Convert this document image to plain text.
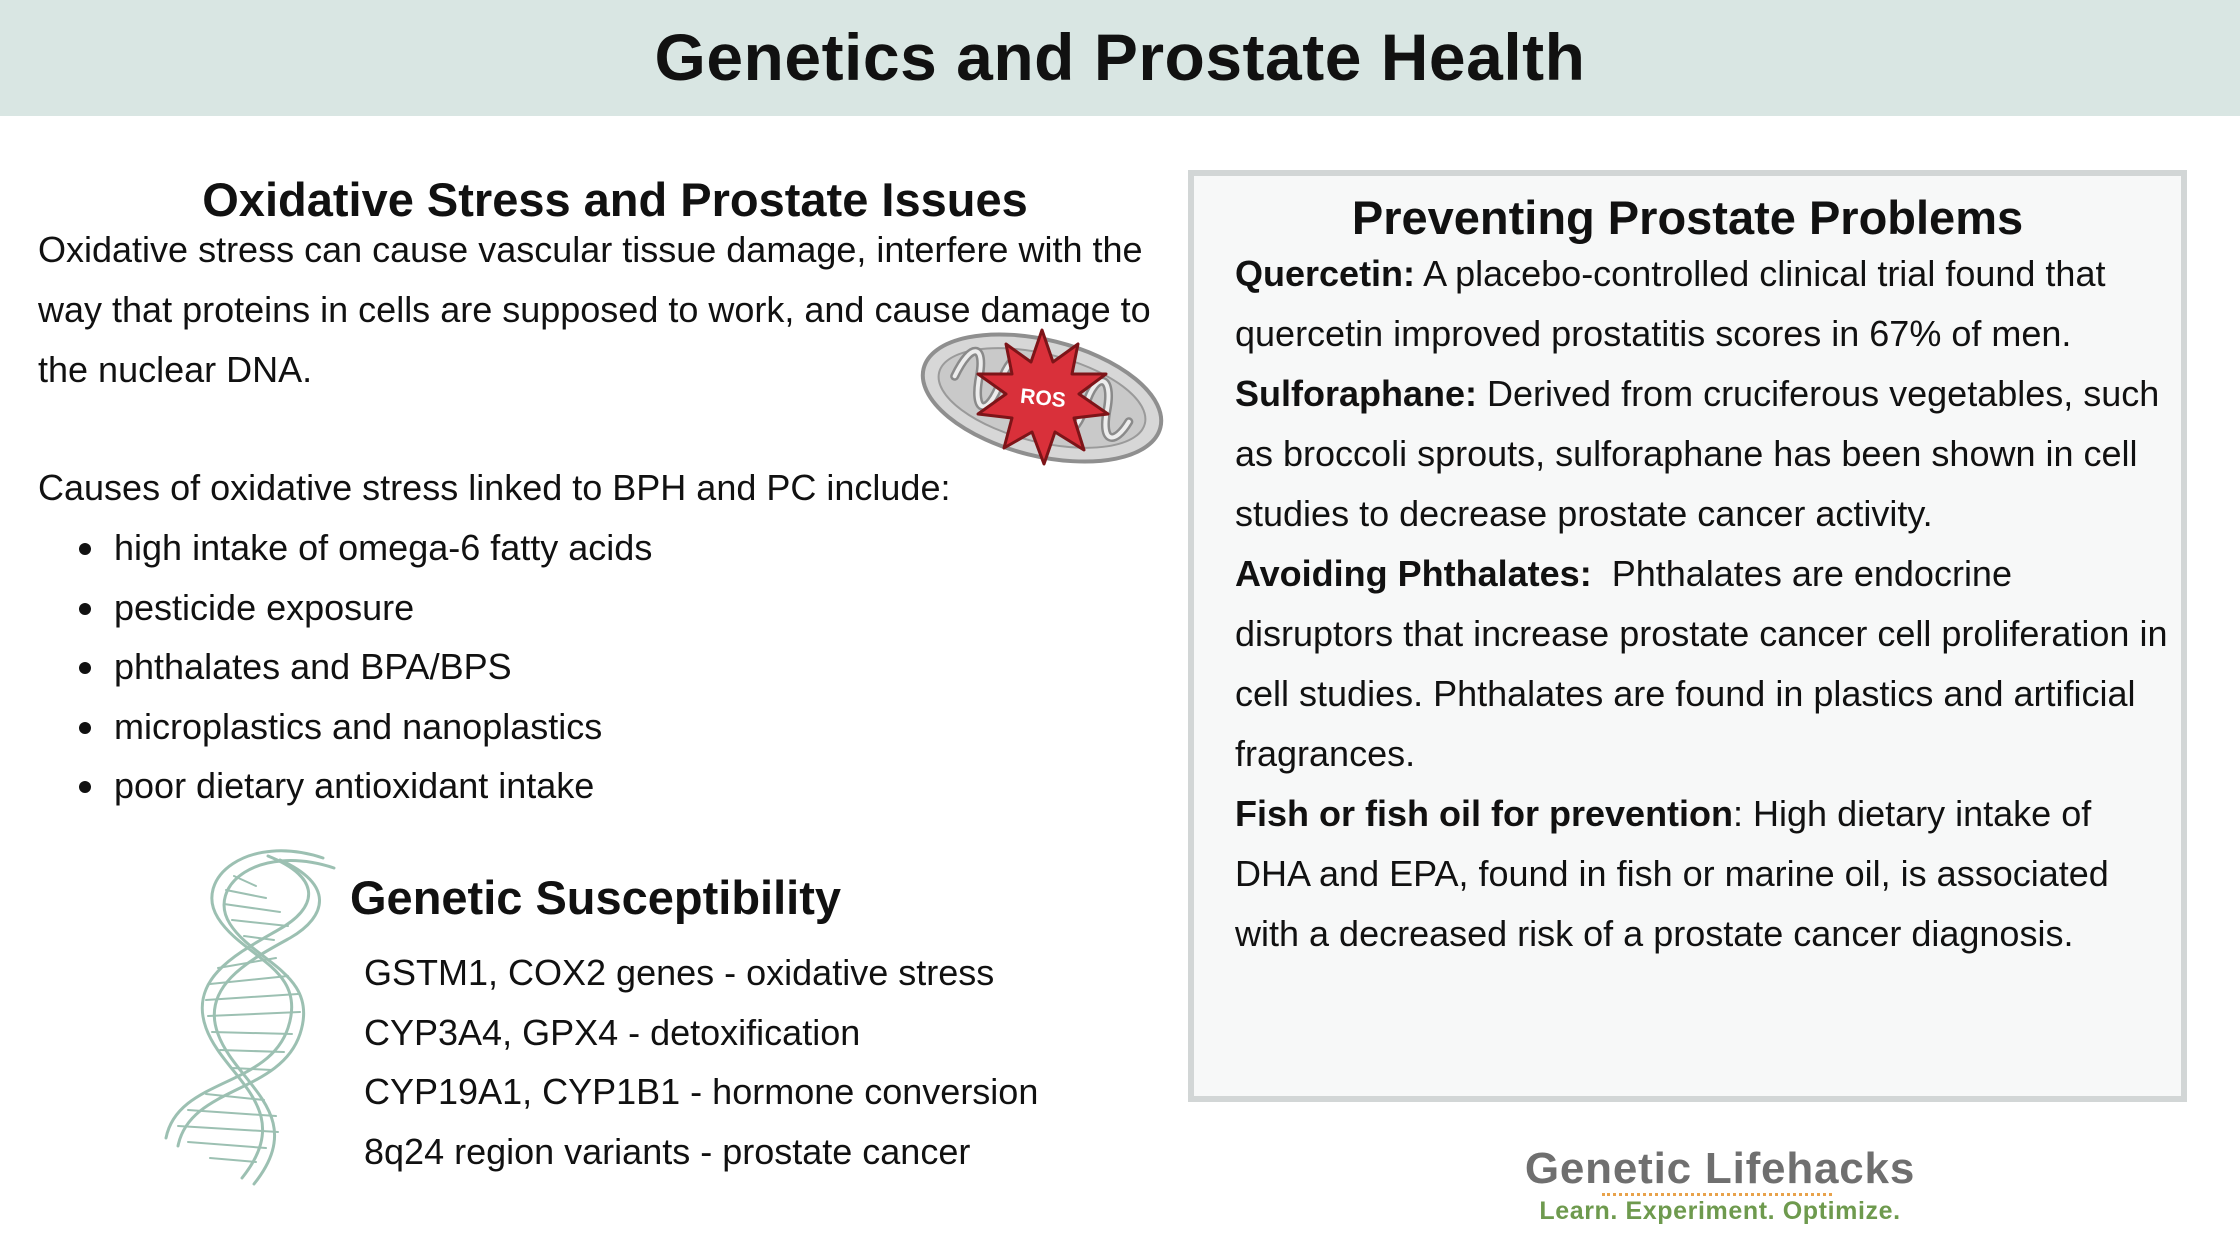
Genetics and Prostate Health
Oxidative Stress and Prostate Issues
Oxidative stress can cause vascular tissue damage, interfere with the way that proteins in cells are supposed to work, and cause damage to the nuclear DNA.
ROS
Causes of oxidative stress linked to BPH and PC include:
high intake of omega-6 fatty acids
pesticide exposure
phthalates and BPA/BPS
microplastics and nanoplastics
poor dietary antioxidant intake
Genetic Susceptibility
GSTM1, COX2 genes - oxidative stress
CYP3A4, GPX4 - detoxification
CYP19A1, CYP1B1 - hormone conversion
8q24 region variants - prostate cancer
Preventing Prostate Problems
Quercetin: A placebo-controlled clinical trial found that quercetin improved prostatitis scores in 67% of men.
Sulforaphane: Derived from cruciferous vegetables, such as broccoli sprouts, sulforaphane has been shown in cell studies to decrease prostate cancer activity.
Avoiding Phthalates:  Phthalates are endocrine disruptors that increase prostate cancer cell proliferation in cell studies. Phthalates are found in plastics and artificial fragrances.
Fish or fish oil for prevention: High dietary intake of DHA and EPA, found in fish or marine oil, is associated with a decreased risk of a prostate cancer diagnosis.
Genetic Lifehacks
Learn. Experiment. Optimize.
